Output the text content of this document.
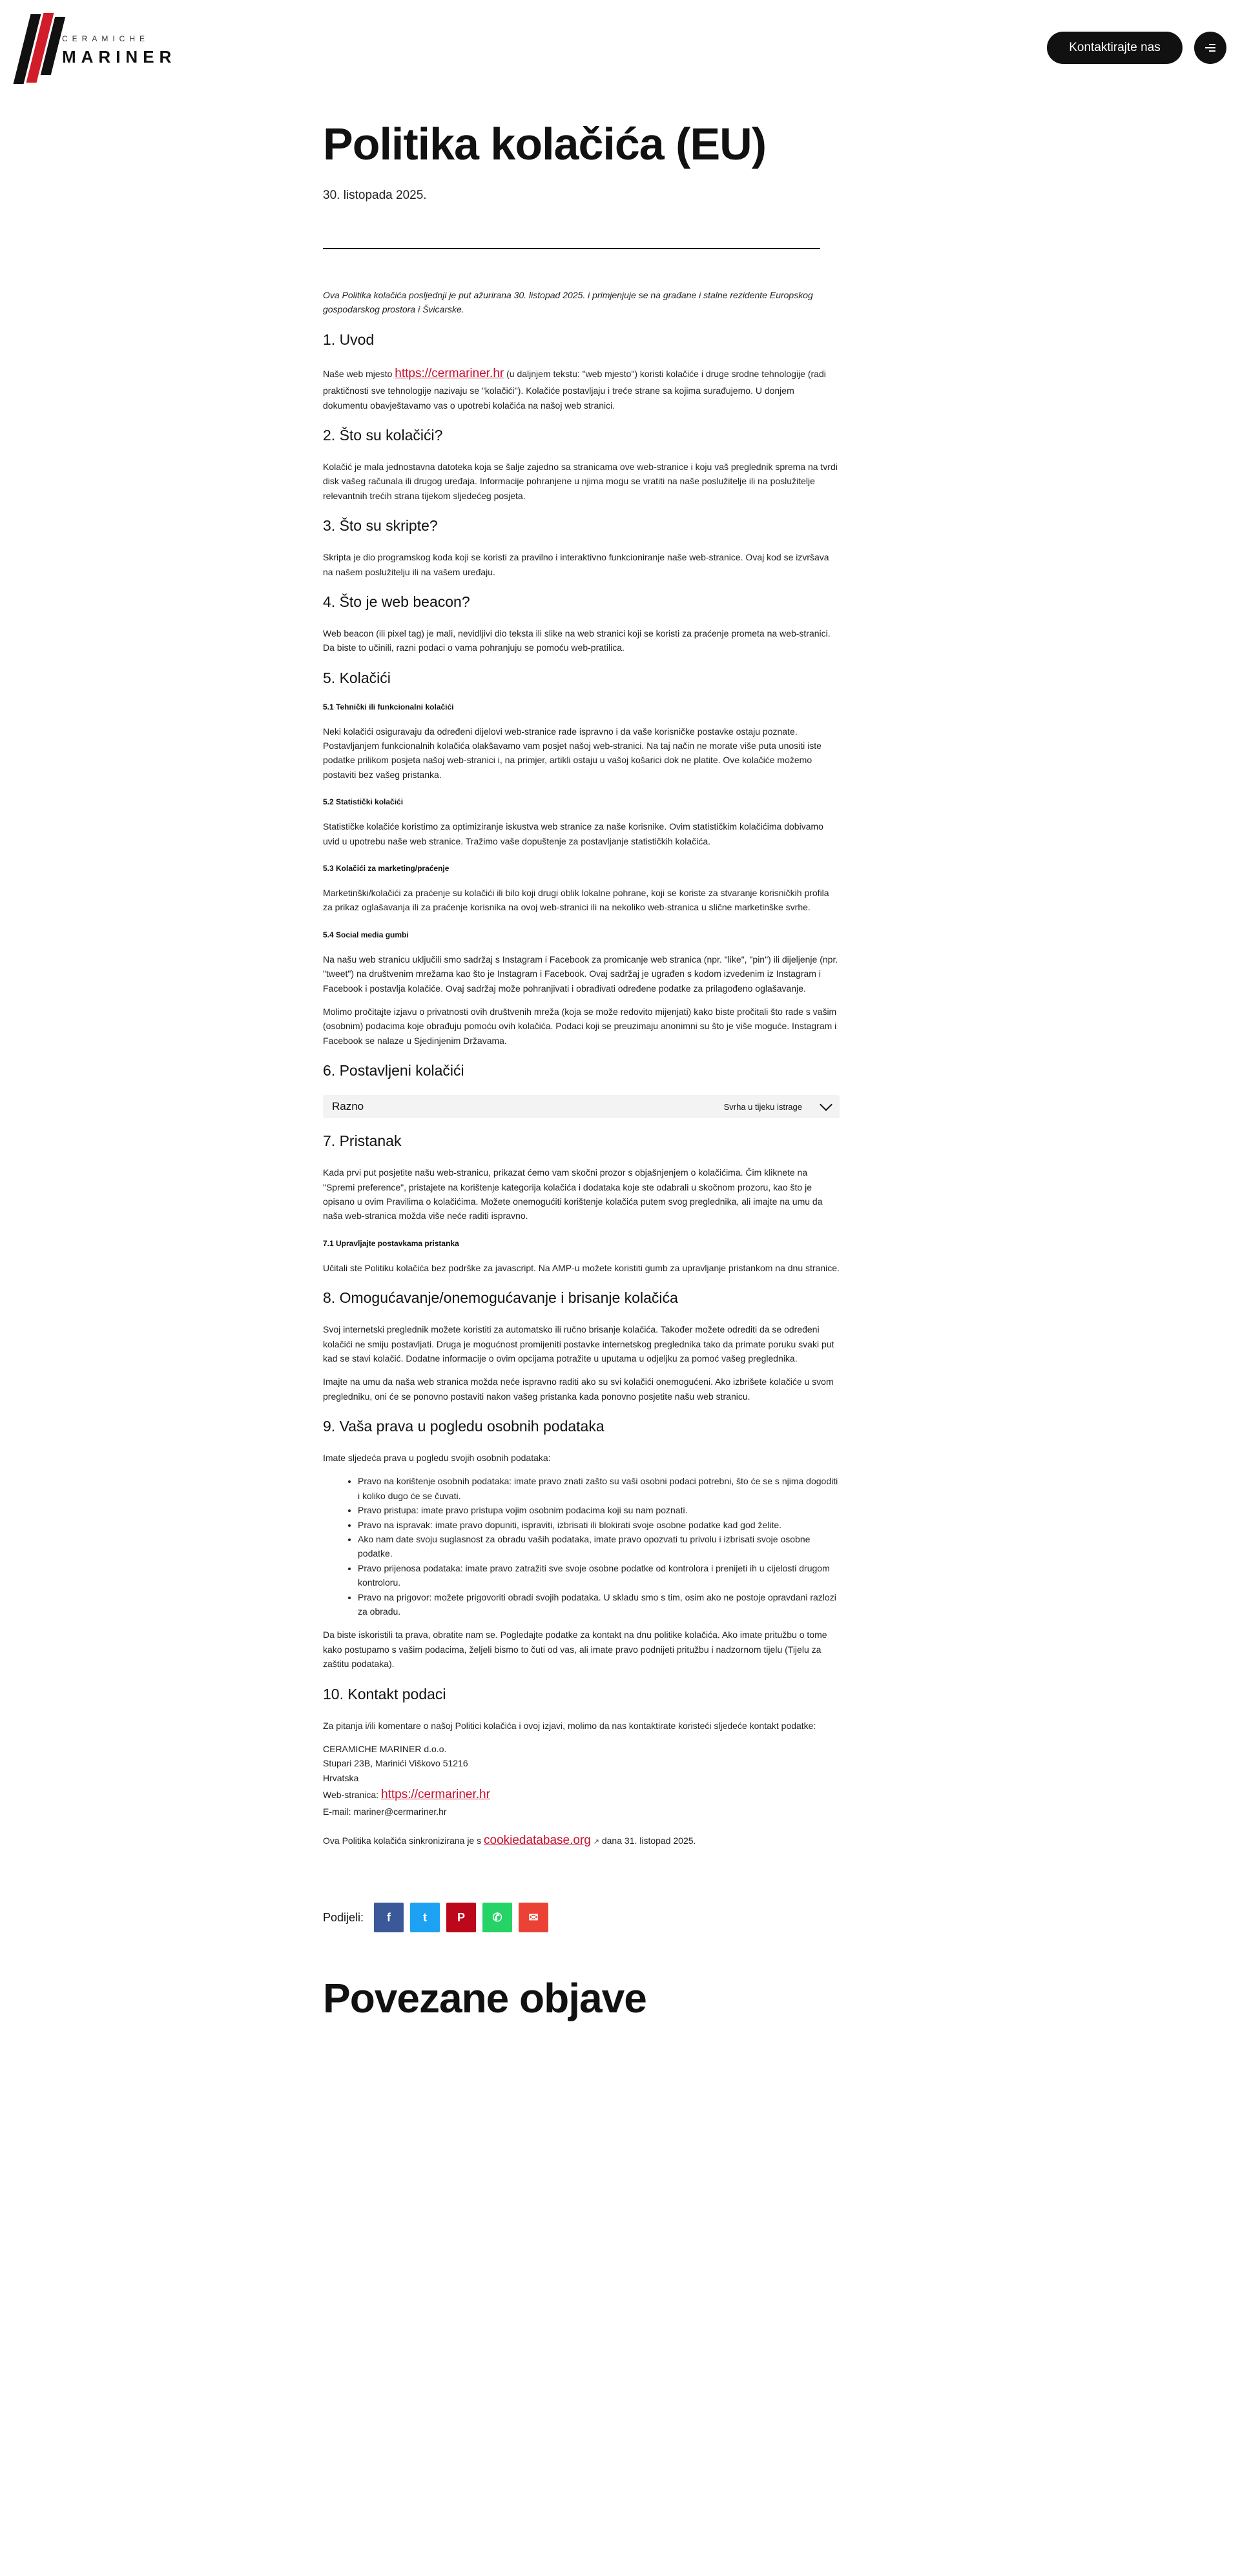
CERAMICHE
MARINER	Kontaktirajte nas
Politika kolačića (EU)
30. listopada 2025.

Ova Politika kolačića posljednji je put ažurirana 30. listopad 2025. i primjenjuje se na građane i stalne rezidente Europskog gospodarskog prostora i Švicarske.

1. Uvod

Naše web mjesto https://cermariner.hr (u daljnjem tekstu: "web mjesto") koristi kolačiće i druge srodne tehnologije (radi praktičnosti sve tehnologije nazivaju se "kolačići"). Kolačiće postavljaju i treće strane sa kojima surađujemo. U donjem dokumentu obavještavamo vas o upotrebi kolačića na našoj web stranici.

2. Što su kolačići?

Kolačić je mala jednostavna datoteka koja se šalje zajedno sa stranicama ove web-stranice i koju vaš preglednik sprema na tvrdi disk vašeg računala ili drugog uređaja. Informacije pohranjene u njima mogu se vratiti na naše poslužitelje ili na poslužitelje relevantnih trećih strana tijekom sljedećeg posjeta.

3. Što su skripte?

Skripta je dio programskog koda koji se koristi za pravilno i interaktivno funkcioniranje naše web-stranice. Ovaj kod se izvršava na našem poslužitelju ili na vašem uređaju.

4. Što je web beacon?

Web beacon (ili pixel tag) je mali, nevidljivi dio teksta ili slike na web stranici koji se koristi za praćenje prometa na web-stranici. Da biste to učinili, razni podaci o vama pohranjuju se pomoću web-pratilica.

5. Kolačići
5.1 Tehnički ili funkcionalni kolačići

Neki kolačići osiguravaju da određeni dijelovi web-stranice rade ispravno i da vaše korisničke postavke ostaju poznate. Postavljanjem funkcionalnih kolačića olakšavamo vam posjet našoj web-stranici. Na taj način ne morate više puta unositi iste podatke prilikom posjeta našoj web-stranici i, na primjer, artikli ostaju u vašoj košarici dok ne platite. Ove kolačiće možemo postaviti bez vašeg pristanka.

5.2 Statistički kolačići

Statističke kolačiće koristimo za optimiziranje iskustva web stranice za naše korisnike. Ovim statističkim kolačićima dobivamo uvid u upotrebu naše web stranice. Tražimo vaše dopuštenje za postavljanje statističkih kolačića.

5.3 Kolačići za marketing/praćenje

Marketinški/kolačići za praćenje su kolačići ili bilo koji drugi oblik lokalne pohrane, koji se koriste za stvaranje korisničkih profila za prikaz oglašavanja ili za praćenje korisnika na ovoj web-stranici ili na nekoliko web-stranica u slične marketinške svrhe.

5.4 Social media gumbi

Na našu web stranicu uključili smo sadržaj s Instagram i Facebook za promicanje web stranica (npr. "like", "pin") ili dijeljenje (npr. "tweet") na društvenim mrežama kao što je Instagram i Facebook. Ovaj sadržaj je ugrađen s kodom izvedenim iz Instagram i Facebook i postavlja kolačiće. Ovaj sadržaj može pohranjivati i obrađivati određene podatke za prilagođeno oglašavanje.

Molimo pročitajte izjavu o privatnosti ovih društvenih mreža (koja se može redovito mijenjati) kako biste pročitali što rade s vašim (osobnim) podacima koje obrađuju pomoću ovih kolačića. Podaci koji se preuzimaju anonimni su što je više moguće. Instagram i Facebook se nalaze u Sjedinjenim Državama.

6. Postavljeni kolačići
Razno	Svrha u tijeku istrage
7. Pristanak

Kada prvi put posjetite našu web-stranicu, prikazat ćemo vam skočni prozor s objašnjenjem o kolačićima. Čim kliknete na "Spremi preference", pristajete na korištenje kategorija kolačića i dodataka koje ste odabrali u skočnom prozoru, kao što je opisano u ovim Pravilima o kolačićima. Možete onemogućiti korištenje kolačića putem svog preglednika, ali imajte na umu da naša web-stranica možda više neće raditi ispravno.

7.1 Upravljajte postavkama pristanka

Učitali ste Politiku kolačića bez podrške za javascript. Na AMP-u možete koristiti gumb za upravljanje pristankom na dnu stranice.

8. Omogućavanje/onemogućavanje i brisanje kolačića

Svoj internetski preglednik možete koristiti za automatsko ili ručno brisanje kolačića. Također možete odrediti da se određeni kolačići ne smiju postavljati. Druga je mogućnost promijeniti postavke internetskog preglednika tako da primate poruku svaki put kad se stavi kolačić. Dodatne informacije o ovim opcijama potražite u uputama u odjeljku za pomoć vašeg preglednika.

Imajte na umu da naša web stranica možda neće ispravno raditi ako su svi kolačići onemogućeni. Ako izbrišete kolačiće u svom pregledniku, oni će se ponovno postaviti nakon vašeg pristanka kada ponovno posjetite našu web stranicu.

9. Vaša prava u pogledu osobnih podataka

Imate sljedeća prava u pogledu svojih osobnih podataka:

• Pravo na korištenje osobnih podataka: imate pravo znati zašto su vaši osobni podaci potrebni, što će se s njima dogoditi i koliko dugo će se čuvati.
• Pravo pristupa: imate pravo pristupa vojim osobnim podacima koji su nam poznati.
• Pravo na ispravak: imate pravo dopuniti, ispraviti, izbrisati ili blokirati svoje osobne podatke kad god želite.
• Ako nam date svoju suglasnost za obradu vaših podataka, imate pravo opozvati tu privolu i izbrisati svoje osobne podatke.
• Pravo prijenosa podataka: imate pravo zatražiti sve svoje osobne podatke od kontrolora i prenijeti ih u cijelosti drugom kontroloru.
• Pravo na prigovor: možete prigovoriti obradi svojih podataka. U skladu smo s tim, osim ako ne postoje opravdani razlozi za obradu.

Da biste iskoristili ta prava, obratite nam se. Pogledajte podatke za kontakt na dnu politike kolačića. Ako imate pritužbu o tome kako postupamo s vašim podacima, željeli bismo to čuti od vas, ali imate pravo podnijeti pritužbu i nadzornom tijelu (Tijelu za zaštitu podataka).

10. Kontakt podaci

Za pitanja i/ili komentare o našoj Politici kolačića i ovoj izjavi, molimo da nas kontaktirate koristeći sljedeće kontakt podatke:

CERAMICHE MARINER d.o.o.

Stupari 23B, Marinići Viškovo 51216

Hrvatska

Web-stranica: https://cermariner.hr

E-mail: mariner@cermariner.hr

Ova Politika kolačića sinkronizirana je s cookiedatabase.org ↗ dana 31. listopad 2025.

Podijeli: f	t	P ✆ ✉
Povezane objave
